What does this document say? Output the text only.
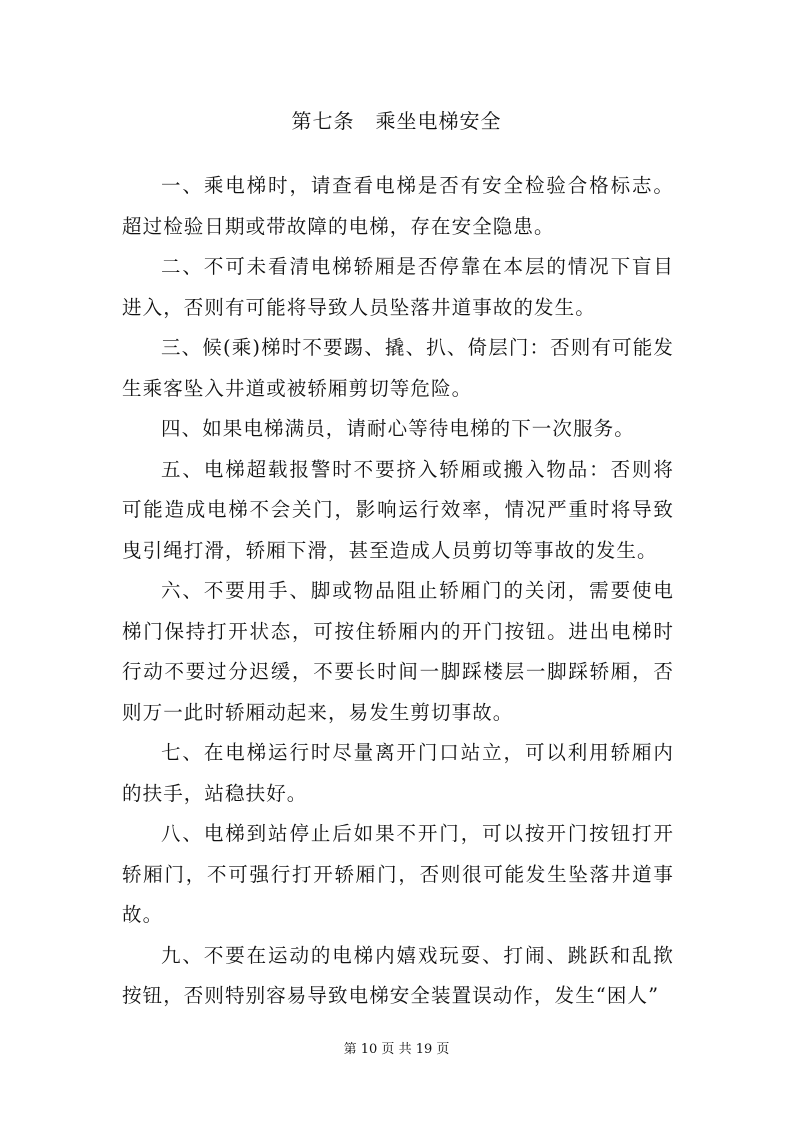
第七条　乘坐电梯安全

一、乘电梯时，请查看电梯是否有安全检验合格标志。超过检验日期或带故障的电梯，存在安全隐患。

二、不可未看清电梯轿厢是否停靠在本层的情况下盲目进入，否则有可能将导致人员坠落井道事故的发生。

三、候(乘)梯时不要踢、撬、扒、倚层门：否则有可能发生乘客坠入井道或被轿厢剪切等危险。

四、如果电梯满员，请耐心等待电梯的下一次服务。

五、电梯超载报警时不要挤入轿厢或搬入物品：否则将可能造成电梯不会关门，影响运行效率，情况严重时将导致曳引绳打滑，轿厢下滑，甚至造成人员剪切等事故的发生。

六、不要用手、脚或物品阻止轿厢门的关闭，需要使电梯门保持打开状态，可按住轿厢内的开门按钮。进出电梯时行动不要过分迟缓，不要长时间一脚踩楼层一脚踩轿厢，否则万一此时轿厢动起来，易发生剪切事故。

七、在电梯运行时尽量离开门口站立，可以利用轿厢内的扶手，站稳扶好。

八、电梯到站停止后如果不开门，可以按开门按钮打开轿厢门，不可强行打开轿厢门，否则很可能发生坠落井道事故。

九、不要在运动的电梯内嬉戏玩耍、打闹、跳跃和乱揿按钮，否则特别容易导致电梯安全装置误动作，发生“困人”

第 10 页 共 19 页
